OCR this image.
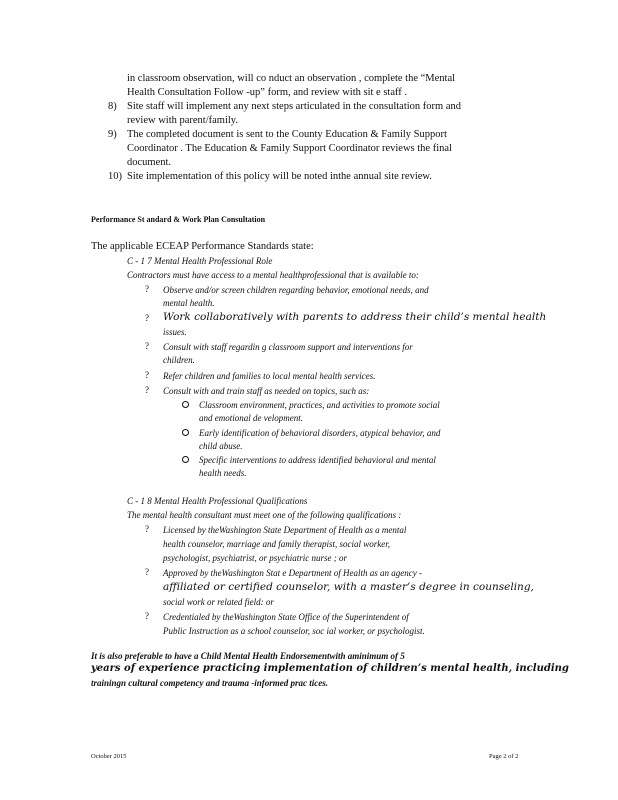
in classroom observation, will co nduct an observation , complete the “Mental
Health Consultation Follow -up” form, and review with sit e staff .
8) Site staff will implement any next steps articulated in the consultation form and
review with parent/family.
9) The completed document is sent to the County Education & Family Support
Coordinator . The Education & Family Support Coordinator reviews the final
document.
10) Site implementation of this policy will be noted inthe annual site review.
Performance St andard & Work Plan Consultation
The applicable ECEAP Performance Standards state:
C - 1 7 Mental Health Professional Role
Contractors must have access to a mental healthprofessional that is available to:
? Observe and/or screen children regarding behavior, emotional needs, and
mental health.
? Work collaboratively with parents to address their child’s mental health
issues.
? Consult with staff regardin g classroom support and interventions for
children.
? Refer children and families to local mental health services.
? Consult with and train staff as needed on topics, such as:
Classroom environment, practices, and activities to promote social
and emotional de velopment.
Early identification of behavioral disorders, atypical behavior, and
child abuse.
Specific interventions to address identified behavioral and mental
health needs.
C - 1 8 Mental Health Professional Qualifications
The mental health consultant must meet one of the following qualifications :
? Licensed by theWashington State Department of Health as a mental
health counselor, marriage and family therapist, social worker,
psychologist, psychiatrist, or psychiatric nurse ; or
? Approved by theWashington Stat e Department of Health as an agency -
affiliated or certified counselor, with a master’s degree in counseling,
social work or related field: or
? Credentialed by theWashington State Office of the Superintendent of
Public Instruction as a school counselor, soc ial worker, or psychologist.
It is also preferable to have a Child Mental Health Endorsementwith aminimum of 5
years of experience practicing implementation of children’s mental health, including
trainingn cultural competency and trauma -informed prac tices.
October 2015	Page 2 of 2
